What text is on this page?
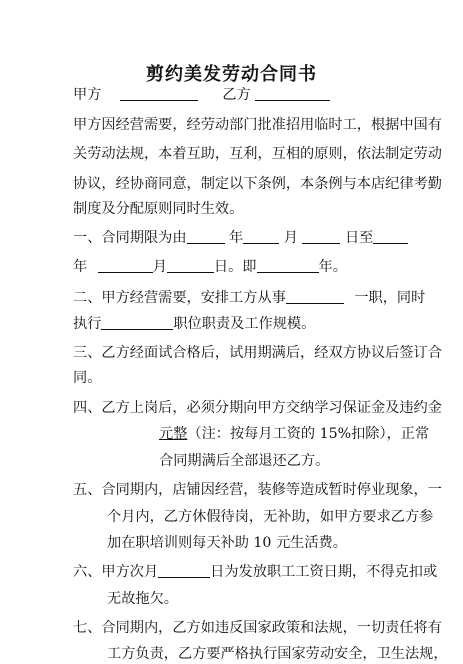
剪约美发劳动合同书
甲方	乙方
甲方因经营需要，经劳动部门批准招用临时工，根据中国有
关劳动法规，本着互助，互利，互相的原则，依法制定劳动
协议，经协商同意，制定以下条例，本条例与本店纪律考勤
制度及分配原则同时生效。
一、合同期限为由	年	月	日至
年	月	日。即	年。
二、甲方经营需要，安排工方从事	一职，同时
执行	职位职责及工作规模。
三、乙方经面试合格后，试用期满后，经双方协议后签订合
同。
四、乙方上岗后，必须分期向甲方交纳学习保证金及违约金
元整（注：按每月工资的 15%扣除），正常
合同期满后全部退还乙方。
五、合同期内，店铺因经营，装修等造成暂时停业现象，一
个月内，乙方休假待岗，无补助，如甲方要求乙方参
加在职培训则每天补助 10 元生活费。
六、甲方次月	日为发放职工工资日期，不得克扣或
无故拖欠。
七、合同期内，乙方如违反国家政策和法规，一切责任将有
工方负责，乙方要严格执行国家劳动安全，卫生法规，
